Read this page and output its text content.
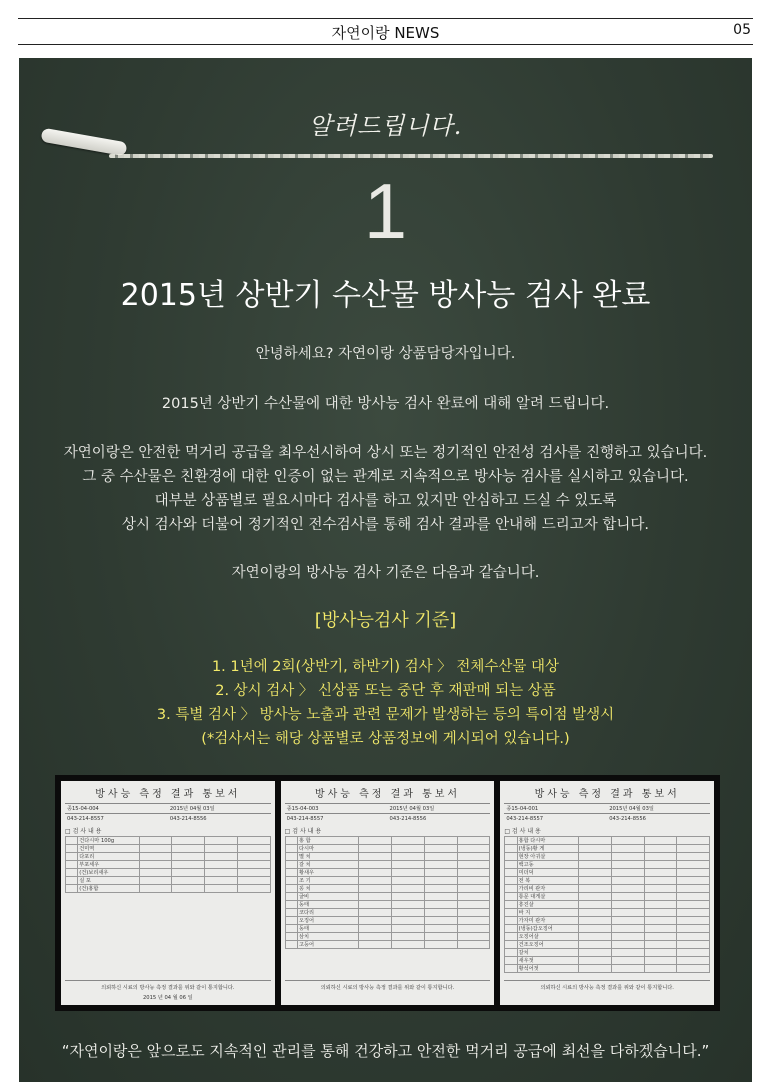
자연이랑 NEWS	05
알려드립니다.
1
2015년 상반기 수산물 방사능 검사 완료
안녕하세요? 자연이랑 상품담당자입니다.
2015년 상반기 수산물에 대한 방사능 검사 완료에 대해 알려 드립니다.
자연이랑은 안전한 먹거리 공급을 최우선시하여 상시 또는 정기적인 안전성 검사를 진행하고 있습니다.
그 중 수산물은 친환경에 대한 인증이 없는 관계로 지속적으로 방사능 검사를 실시하고 있습니다.
대부분 상품별로 필요시마다 검사를 하고 있지만 안심하고 드실 수 있도록
상시 검사와 더불어 정기적인 전수검사를 통해 검사 결과를 안내해 드리고자 합니다.
자연이랑의 방사능 검사 기준은 다음과 같습니다.
[방사능검사 기준]
1. 1년에 2회(상반기, 하반기) 검사 〉 전체수산물 대상
2. 상시 검사 〉 신상품 또는 중단 후 재판매 되는 상품
3. 특별 검사 〉 방사능 노출과 관련 문제가 발생하는 등의 특이점 발생시
(*검사서는 해당 상품별로 상품정보에 게시되어 있습니다.)
방사능 측정 결과 통보서
종15-04-004	2015년 04월 03일
043-214-8557	043-214-8556
□ 검 사 내 용
	건다시마 100g				
	건미역				
	다포리				
	부포세우				
	(건)보리새우				
	실 포				
	(건)홍합				
의뢰하신 시료의 방사능 측정 결과를 위와 같이 통지합니다.
2015 년 04 월 06 일
방사능 측정 결과 통보서
종15-04-003	2015년 04월 03일
043-214-8557	043-214-8556
□ 검 사 내 용
	홍 합				
	다시마				
	멸 치				
	갈 치				
	황새우				
	조 기				
	꽁 치				
	굴비				
	동태				
	코다리				
	오징어				
	동태				
	삼치				
	고등어				
의뢰하신 시료의 방사능 측정 결과를 위와 같이 통지합니다.
방사능 측정 결과 통보서
종15-04-001	2015년 04월 03일
043-214-8557	043-214-8556
□ 검 사 내 용
	홍합 다시마				
	(냉동)황 게				
	현장 아귀살				
	백고동				
	미더덕				
	전 복				
	가리비 관자				
	통문 대게살				
	흥진살				
	바 지				
	가자미 관자				
	(냉동)갑오징어				
	오징어살				
	건조오징어				
	갈치				
	새우젓				
	황석어젓				
의뢰하신 시료의 방사능 측정 결과를 위와 같이 통지합니다.
“자연이랑은 앞으로도 지속적인 관리를 통해 건강하고 안전한 먹거리 공급에 최선을 다하겠습니다.”
